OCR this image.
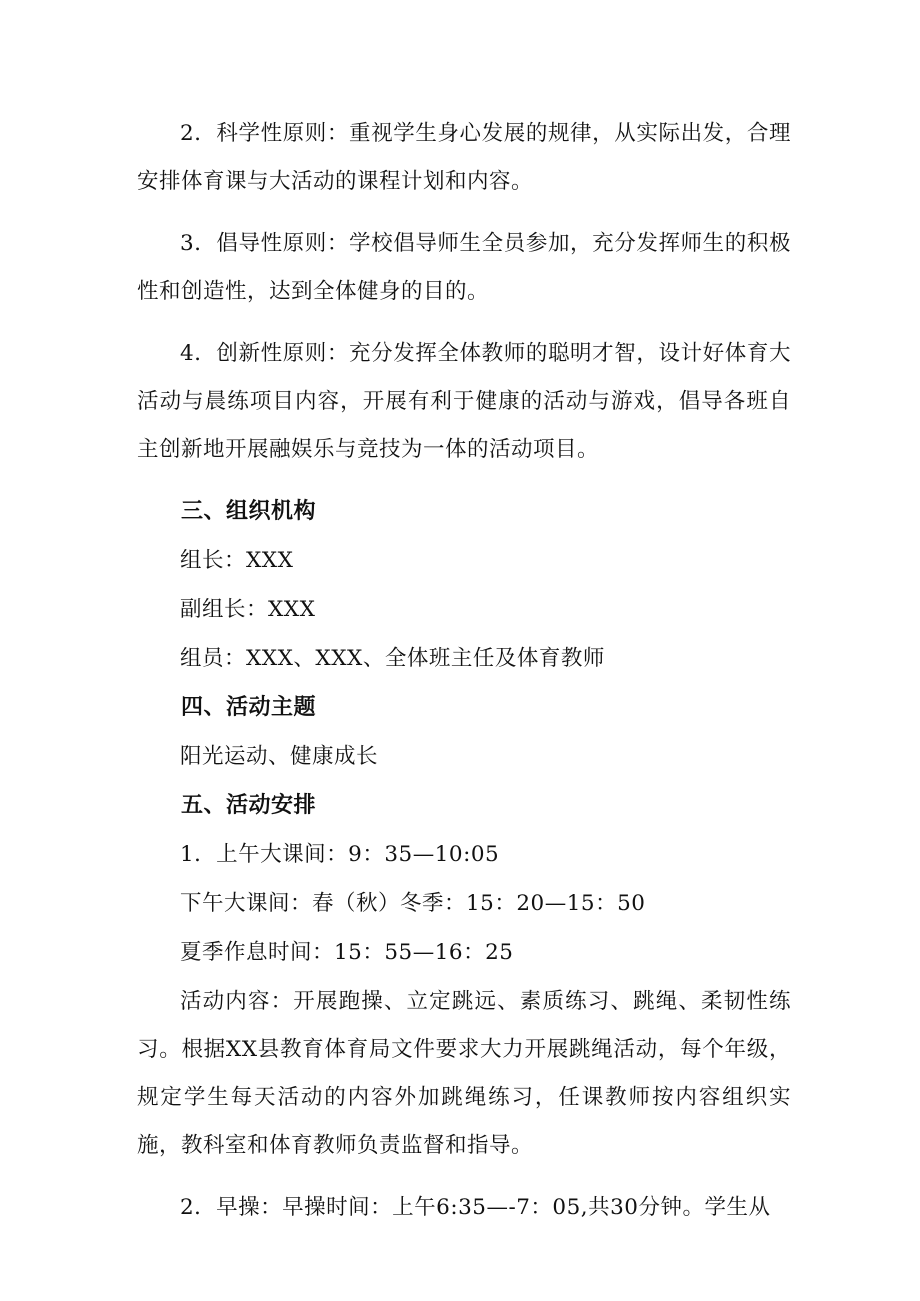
2．科学性原则：重视学生身心发展的规律，从实际出发，合理安排体育课与大活动的课程计划和内容。

3．倡导性原则：学校倡导师生全员参加，充分发挥师生的积极性和创造性，达到全体健身的目的。

4．创新性原则：充分发挥全体教师的聪明才智，设计好体育大活动与晨练项目内容，开展有利于健康的活动与游戏，倡导各班自主创新地开展融娱乐与竞技为一体的活动项目。

三、组织机构
组长：XXX
副组长：XXX
组员：XXX、XXX、全体班主任及体育教师
四、活动主题
阳光运动、健康成长
五、活动安排
1．上午大课间：9：35—10:05
下午大课间：春（秋）冬季：15：20—15：50
夏季作息时间：15：55—16：25

活动内容：开展跑操、立定跳远、素质练习、跳绳、柔韧性练习。根据XX县教育体育局文件要求大力开展跳绳活动，每个年级，规定学生每天活动的内容外加跳绳练习，任课教师按内容组织实施，教科室和体育教师负责监督和指导。

2．早操：早操时间：上午6:35—-7：05,共30分钟。学生从
